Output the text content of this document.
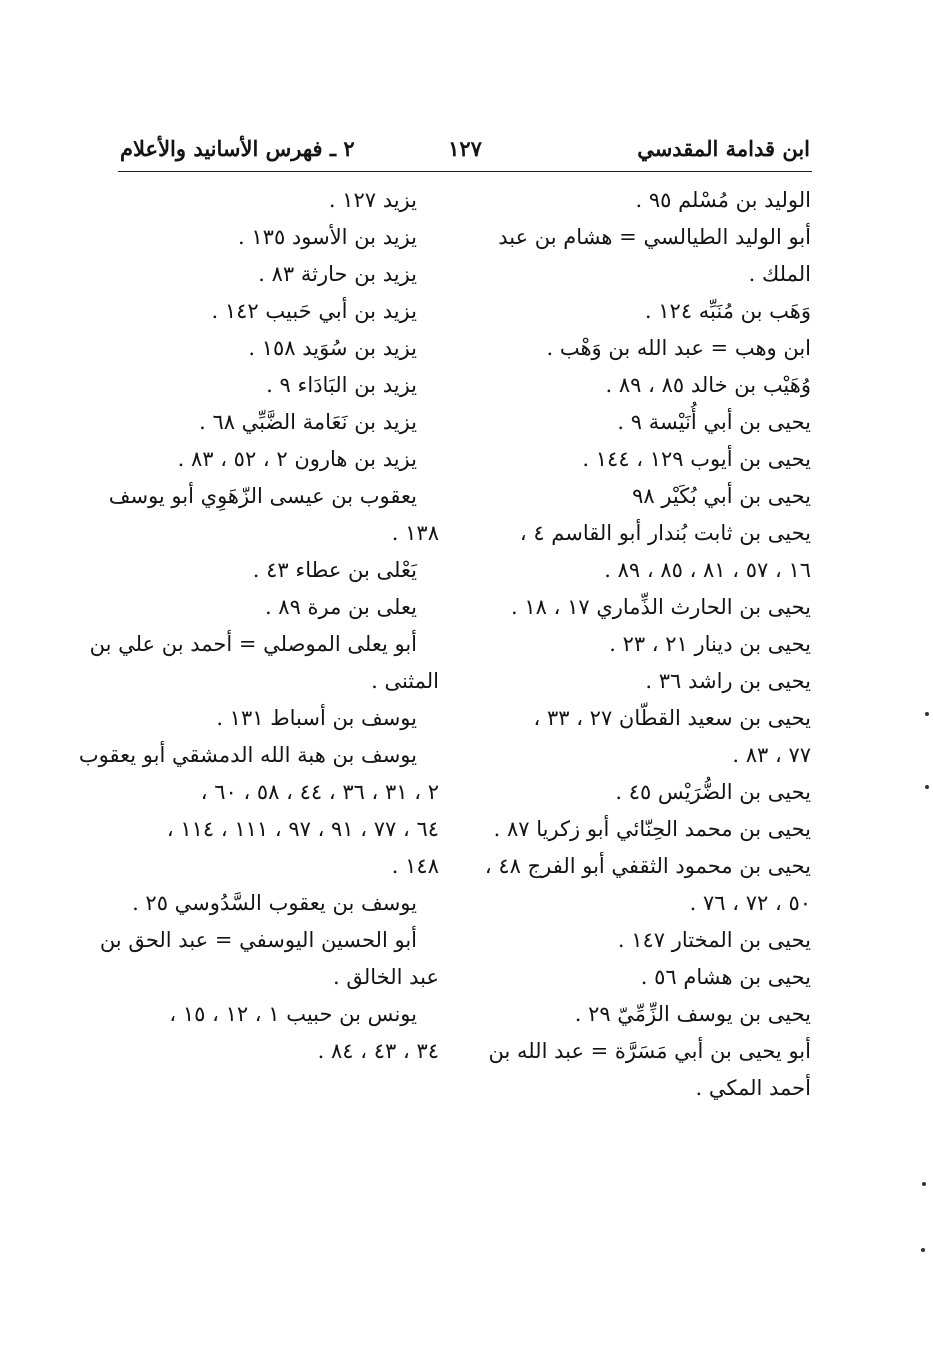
ابن قدامة المقدسي
١٢٧
٢ ـ فهرس الأسانيد والأعلام
الوليد بن مُسْلم ٩٥ .
أبو الوليد الطيالسي = هشام بن عبد
الملك .
وَهَب بن مُنَبِّه ١٢٤ .
ابن وهب = عبد الله بن وَهْب .
وُهَيْب بن خالد ٨٥ ، ٨٩ .
يحيى بن أبي أُنَيْسة ٩ .
يحيى بن أيوب ١٢٩ ، ١٤٤ .
يحيى بن أبي بُكَيْر ٩٨
يحيى بن ثابت بُندار أبو القاسم ٤ ،
١٦ ، ٥٧ ، ٨١ ، ٨٥ ، ٨٩ .
يحيى بن الحارث الذِّماري ١٧ ، ١٨ .
يحيى بن دينار ٢١ ، ٢٣ .
يحيى بن راشد ٣٦ .
يحيى بن سعيد القطّان ٢٧ ، ٣٣ ،
٧٧ ، ٨٣ .
يحيى بن الضُّرَيْس ٤٥ .
يحيى بن محمد الحِنّائي أبو زكريا ٨٧ .
يحيى بن محمود الثقفي أبو الفرج ٤٨ ،
٥٠ ، ٧٢ ، ٧٦ .
يحيى بن المختار ١٤٧ .
يحيى بن هشام ٥٦ .
يحيى بن يوسف الزِّمِّيّ ٢٩ .
أبو يحيى بن أبي مَسَرَّة = عبد الله بن
أحمد المكي .
يزيد ١٢٧ .
يزيد بن الأسود ١٣٥ .
يزيد بن حارثة ٨٣ .
يزيد بن أبي حَبيب ١٤٢ .
يزيد بن سُوَيد ١٥٨ .
يزيد بن البَادَاء ٩ .
يزيد بن نَعَامة الضَّبِّي ٦٨ .
يزيد بن هارون ٢ ، ٥٢ ، ٨٣ .
يعقوب بن عيسى الزّهَوِي أبو يوسف
١٣٨ .
يَعْلى بن عطاء ٤٣ .
يعلى بن مرة ٨٩ .
أبو يعلى الموصلي = أحمد بن علي بن
المثنى .
يوسف بن أسباط ١٣١ .
يوسف بن هبة الله الدمشقي أبو يعقوب
٢ ، ٣١ ، ٣٦ ، ٤٤ ، ٥٨ ، ٦٠ ،
٦٤ ، ٧٧ ، ٩١ ، ٩٧ ، ١١١ ، ١١٤ ،
١٤٨ .
يوسف بن يعقوب السَّدُوسي ٢٥ .
أبو الحسين اليوسفي = عبد الحق بن
عبد الخالق .
يونس بن حبيب ١ ، ١٢ ، ١٥ ،
٣٤ ، ٤٣ ، ٨٤ .
